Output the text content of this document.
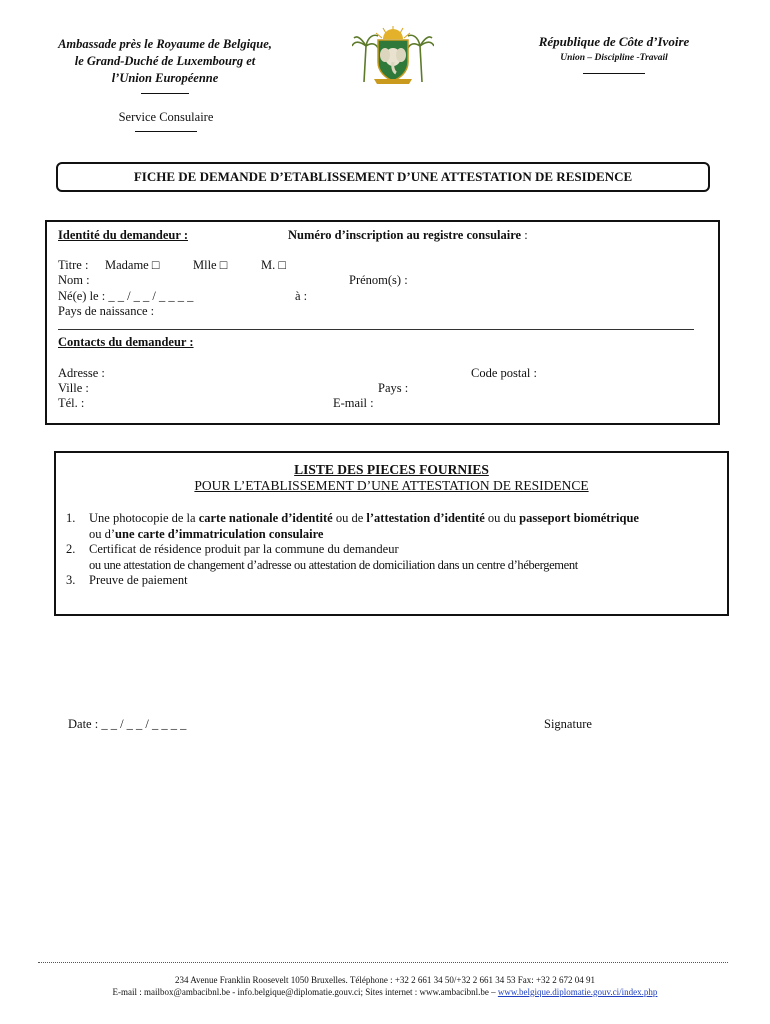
Ambassade près le Royaume de Belgique,
le Grand-Duché de Luxembourg et
l’Union Européenne
Service Consulaire
République de Côte d’Ivoire
Union – Discipline -Travail
FICHE DE DEMANDE D’ETABLISSEMENT D’UNE ATTESTATION DE RESIDENCE
Identité du demandeur :	Numéro d’inscription au registre consulaire :
Titre : Madame □	Mlle □	M. □
Nom :	Prénom(s) :
Né(e) le : _ _ / _ _ / _ _ _ _	à :
Pays de naissance :
Contacts du demandeur :
Adresse :	Code postal :
Ville :	Pays :
Tél. :	E-mail :
LISTE DES PIECES FOURNIES
POUR L’ETABLISSEMENT D’UNE ATTESTATION DE RESIDENCE
1.	Une photocopie de la carte nationale d’identité ou de l’attestation d’identité ou du passeport biométrique
ou d’une carte d’immatriculation consulaire
2.	Certificat de résidence produit par la commune du demandeur
ou une attestation de changement d’adresse ou attestation de domiciliation dans un centre d’hébergement
3.	Preuve de paiement
Date : _ _ / _ _ / _ _ _ _	Signature
234 Avenue Franklin Roosevelt 1050 Bruxelles. Téléphone : +32 2 661 34 50/+32 2 661 34 53 Fax: +32 2 672 04 91
E-mail : mailbox@ambacibnl.be - info.belgique@diplomatie.gouv.ci; Sites internet : www.ambacibnl.be – www.belgique.diplomatie.gouv.ci/index.php
